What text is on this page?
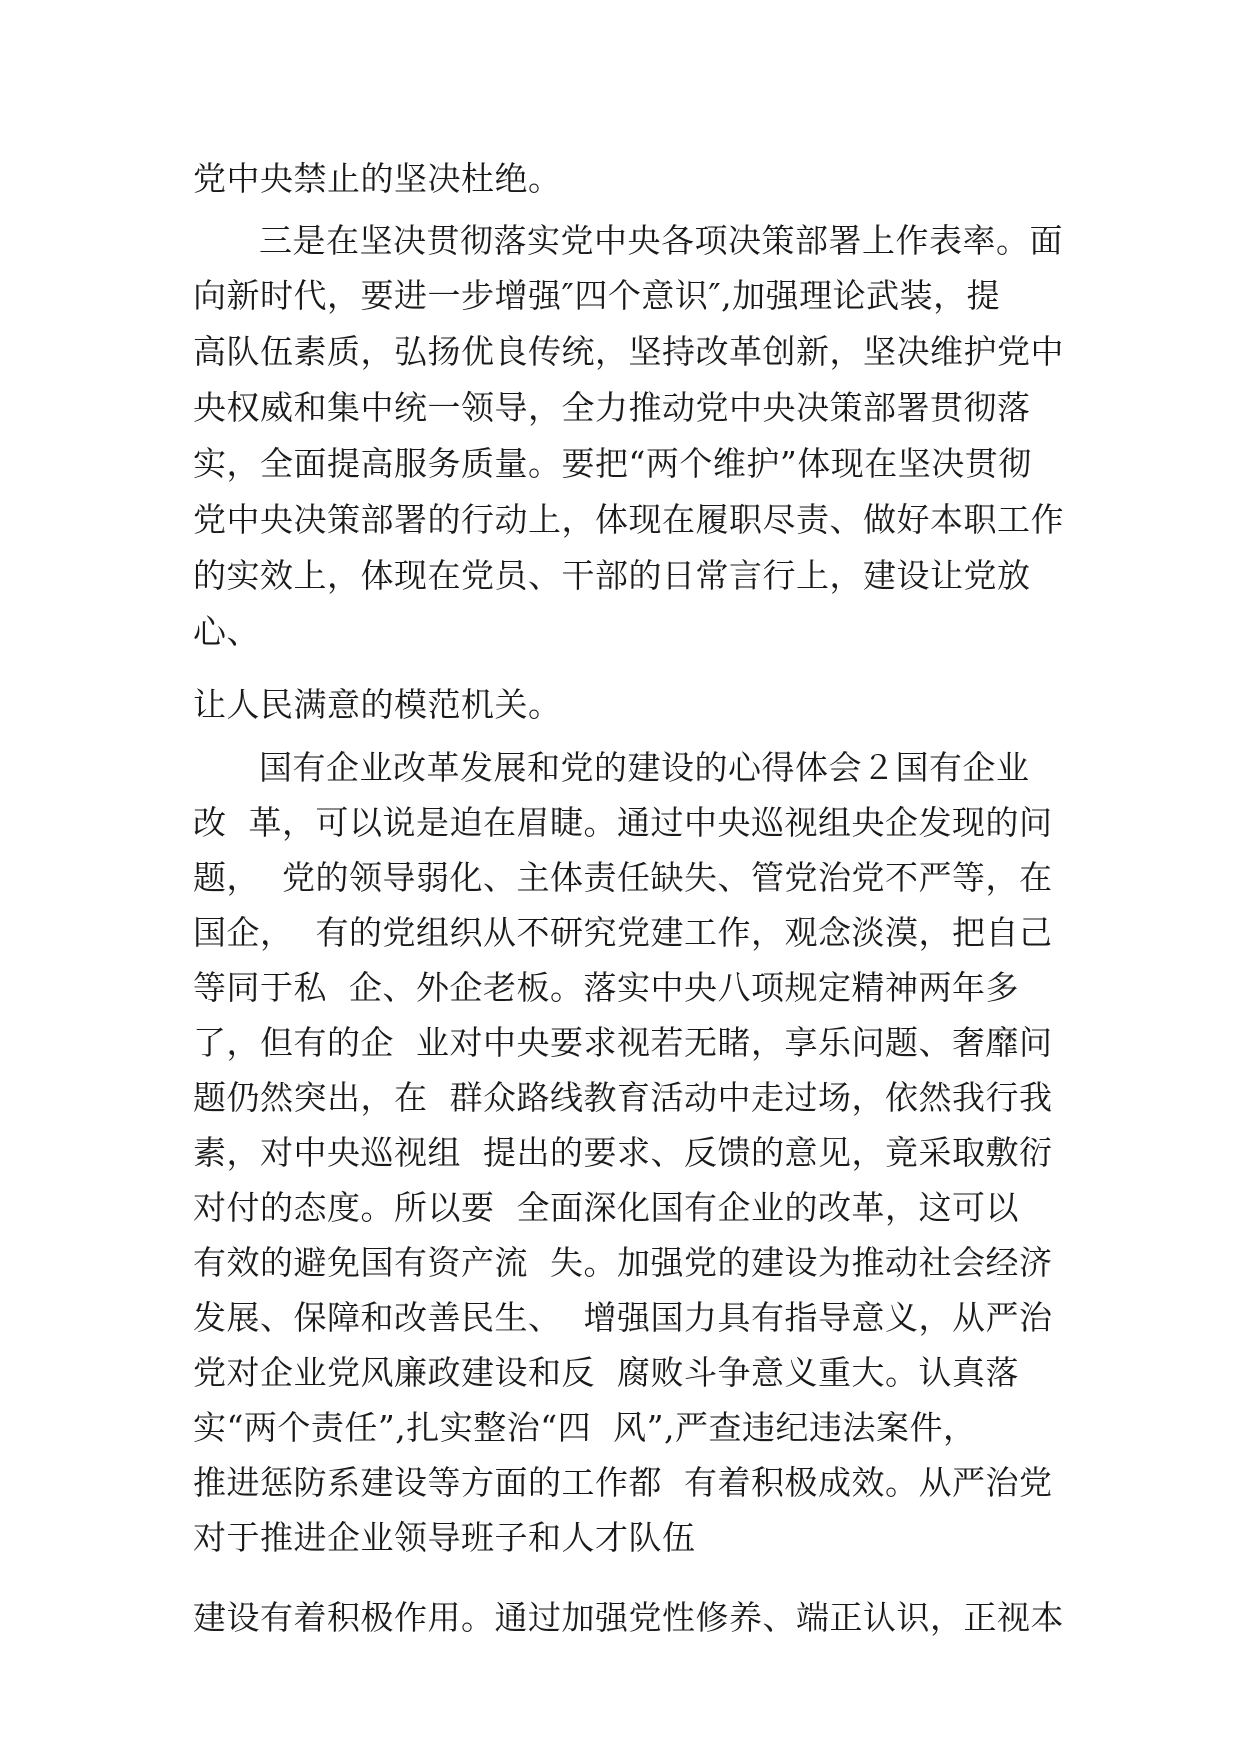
党中央禁止的坚决杜绝。
三是在坚决贯彻落实党中央各项决策部署上作表率。面
向新时代，要进一步增强″四个意识″,加强理论武装，提
高队伍素质，弘扬优良传统，坚持改革创新，坚决维护党中
央权威和集中统一领导，全力推动党中央决策部署贯彻落
实，全面提高服务质量。要把“两个维护”体现在坚决贯彻
党中央决策部署的行动上，体现在履职尽责、做好本职工作
的实效上，体现在党员、干部的日常言行上，建设让党放
心、
让人民满意的模范机关。
国有企业改革发展和党的建设的心得体会２国有企业
改  革，可以说是迫在眉睫。通过中央巡视组央企发现的问
题，  党的领导弱化、主体责任缺失、管党治党不严等，在
国企，  有的党组织从不研究党建工作，观念淡漠，把自己
等同于私  企、外企老板。落实中央八项规定精神两年多
了，但有的企  业对中央要求视若无睹，享乐问题、奢靡问
题仍然突出，在  群众路线教育活动中走过场，依然我行我
素，对中央巡视组  提出的要求、反馈的意见，竟采取敷衍
对付的态度。所以要  全面深化国有企业的改革，这可以
有效的避免国有资产流  失。加强党的建设为推动社会经济
发展、保障和改善民生、  增强国力具有指导意义，从严治
党对企业党风廉政建设和反  腐败斗争意义重大。认真落
实“两个责任”,扎实整治“四  风”,严查违纪违法案件，
推进惩防系建设等方面的工作都  有着积极成效。从严治党
对于推进企业领导班子和人才队伍
建设有着积极作用。通过加强党性修养、端正认识，正视本
